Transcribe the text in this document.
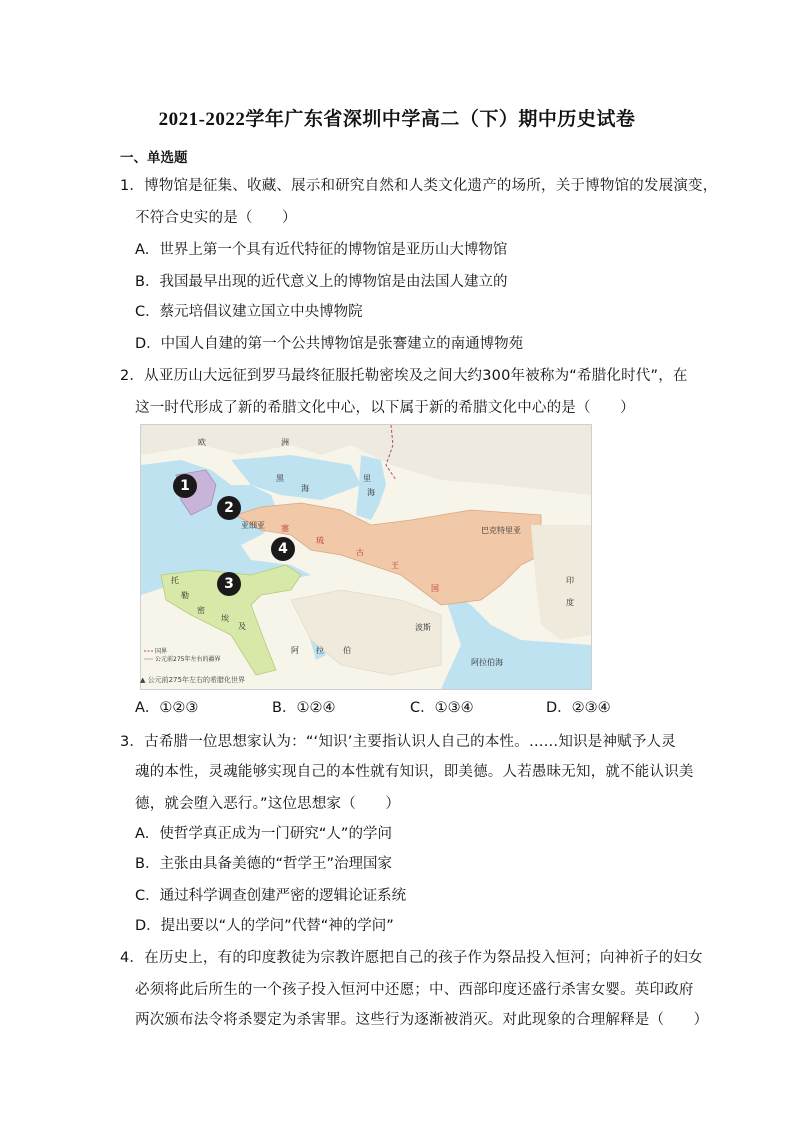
2021-2022学年广东省深圳中学高二（下）期中历史试卷
一、单选题
1．博物馆是征集、收藏、展示和研究自然和人类文化遗产的场所，关于博物馆的发展演变，
不符合史实的是（　　）
A．世界上第一个具有近代特征的博物馆是亚历山大博物馆
B．我国最早出现的近代意义上的博物馆是由法国人建立的
C．蔡元培倡议建立国立中央博物院
D．中国人自建的第一个公共博物馆是张謇建立的南通博物苑
2．从亚历山大远征到罗马最终征服托勒密埃及之间大约300年被称为“希腊化时代”，在
这一时代形成了新的希腊文化中心，以下属于新的希腊文化中心的是（　　）
国界
公元前275年左右的疆界
欧	洲
黑
海
里
海
亚细亚 塞
琉
古
王
国
巴克特里亚
波斯
托
勒
密
埃
及
阿 拉 伯
印
度
阿拉伯海
1
2
3
4
▲ 公元前275年左右的希腊化世界
A．①②③	B．①②④	C．①③④	D．②③④
3．古希腊一位思想家认为：“‘知识’主要指认识人自己的本性。……知识是神赋予人灵
魂的本性，灵魂能够实现自己的本性就有知识，即美德。人若愚昧无知，就不能认识美
德，就会堕入恶行。”这位思想家（　　）
A．使哲学真正成为一门研究“人”的学问
B．主张由具备美德的“哲学王”治理国家
C．通过科学调查创建严密的逻辑论证系统
D．提出要以“人的学问”代替“神的学问”
4．在历史上，有的印度教徒为宗教许愿把自己的孩子作为祭品投入恒河；向神祈子的妇女
必须将此后所生的一个孩子投入恒河中还愿；中、西部印度还盛行杀害女婴。英印政府
两次颁布法令将杀婴定为杀害罪。这些行为逐渐被消灭。对此现象的合理解释是（　　）
